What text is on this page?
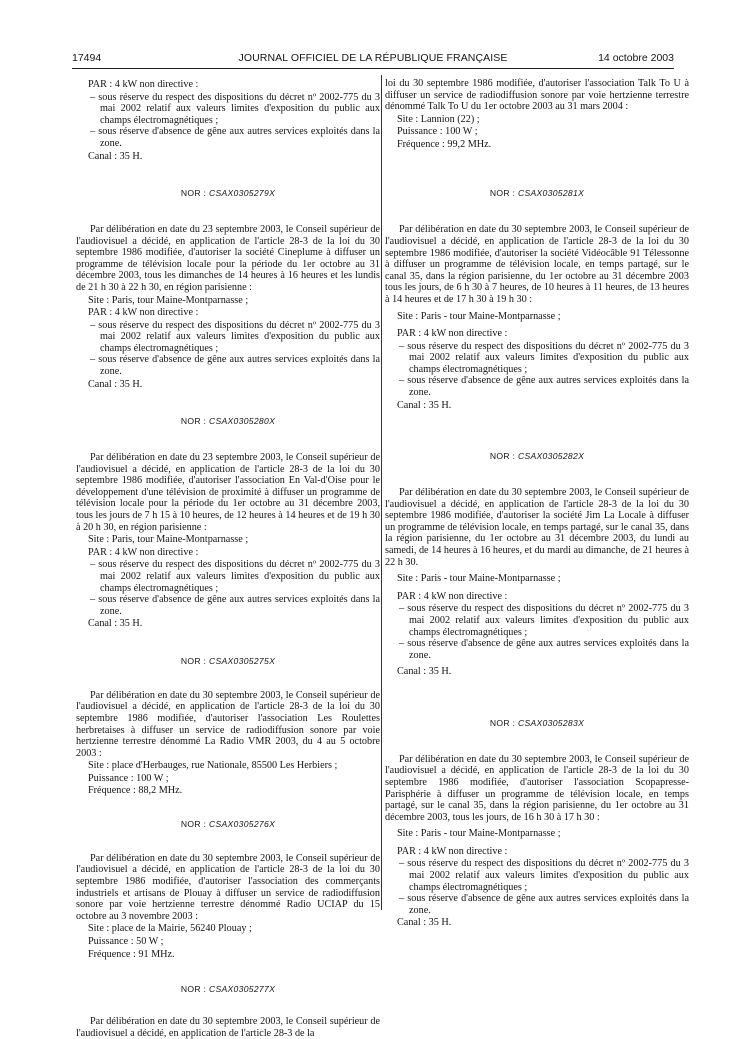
17494	JOURNAL OFFICIEL DE LA RÉPUBLIQUE FRANÇAISE	14 octobre 2003

PAR : 4 kW non directive :

– sous réserve du respect des dispositions du décret nº 2002-775 du 3 mai 2002 relatif aux valeurs limites d'exposition du public aux champs électromagnétiques ;

– sous réserve d'absence de gêne aux autres services exploités dans la zone.

Canal : 35 H.

NOR : CSAX0305279X

Par délibération en date du 23 septembre 2003, le Conseil supérieur de l'audiovisuel a décidé, en application de l'article 28-3 de la loi du 30 septembre 1986 modifiée, d'autoriser la société Cineplume à diffuser un programme de télévision locale pour la période du 1er octobre au 31 décembre 2003, tous les dimanches de 14 heures à 16 heures et les lundis de 21 h 30 à 22 h 30, en région parisienne :

Site : Paris, tour Maine-Montparnasse ;

PAR : 4 kW non directive :

– sous réserve du respect des dispositions du décret nº 2002-775 du 3 mai 2002 relatif aux valeurs limites d'exposition du public aux champs électromagnétiques ;

– sous réserve d'absence de gêne aux autres services exploités dans la zone.

Canal : 35 H.

NOR : CSAX0305280X

Par délibération en date du 23 septembre 2003, le Conseil supérieur de l'audiovisuel a décidé, en application de l'article 28-3 de la loi du 30 septembre 1986 modifiée, d'autoriser l'association En Val-d'Oise pour le développement d'une télévision de proximité à diffuser un programme de télévision locale pour la période du 1er octobre au 31 décembre 2003, tous les jours de 7 h 15 à 10 heures, de 12 heures à 14 heures et de 19 h 30 à 20 h 30, en région parisienne :

Site : Paris, tour Maine-Montparnasse ;

PAR : 4 kW non directive :

– sous réserve du respect des dispositions du décret nº 2002-775 du 3 mai 2002 relatif aux valeurs limites d'exposition du public aux champs électromagnétiques ;

– sous réserve d'absence de gêne aux autres services exploités dans la zone.

Canal : 35 H.

NOR : CSAX0305275X

Par délibération en date du 30 septembre 2003, le Conseil supérieur de l'audiovisuel a décidé, en application de l'article 28-3 de la loi du 30 septembre 1986 modifiée, d'autoriser l'association Les Roulettes herbretaises à diffuser un service de radiodiffusion sonore par voie hertzienne terrestre dénommé La Radio VMR 2003, du 4 au 5 octobre 2003 :

Site : place d'Herbauges, rue Nationale, 85500 Les Herbiers ;

Puissance : 100 W ;

Fréquence : 88,2 MHz.

NOR : CSAX0305276X

Par délibération en date du 30 septembre 2003, le Conseil supérieur de l'audiovisuel a décidé, en application de l'article 28-3 de la loi du 30 septembre 1986 modifiée, d'autoriser l'association des commerçants industriels et artisans de Plouay à diffuser un service de radiodiffusion sonore par voie hertzienne terrestre dénommé Radio UCIAP du 15 octobre au 3 novembre 2003 :

Site : place de la Mairie, 56240 Plouay ;

Puissance : 50 W ;

Fréquence : 91 MHz.

NOR : CSAX0305277X

Par délibération en date du 30 septembre 2003, le Conseil supérieur de l'audiovisuel a décidé, en application de l'article 28-3 de la

loi du 30 septembre 1986 modifiée, d'autoriser l'association Talk To U à diffuser un service de radiodiffusion sonore par voie hertzienne terrestre dénommé Talk To U du 1er octobre 2003 au 31 mars 2004 :

Site : Lannion (22) ;

Puissance : 100 W ;

Fréquence : 99,2 MHz.

NOR : CSAX0305281X

Par délibération en date du 30 septembre 2003, le Conseil supérieur de l'audiovisuel a décidé, en application de l'article 28-3 de la loi du 30 septembre 1986 modifiée, d'autoriser la société Vidéocâble 91 Télessonne à diffuser un programme de télévision locale, en temps partagé, sur le canal 35, dans la région parisienne, du 1er octobre au 31 décembre 2003 tous les jours, de 6 h 30 à 7 heures, de 10 heures à 11 heures, de 13 heures à 14 heures et de 17 h 30 à 19 h 30 :

Site : Paris - tour Maine-Montparnasse ;

PAR : 4 kW non directive :

– sous réserve du respect des dispositions du décret nº 2002-775 du 3 mai 2002 relatif aux valeurs limites d'exposition du public aux champs électromagnétiques ;

– sous réserve d'absence de gêne aux autres services exploités dans la zone.

Canal : 35 H.

NOR : CSAX0305282X

Par délibération en date du 30 septembre 2003, le Conseil supérieur de l'audiovisuel a décidé, en application de l'article 28-3 de la loi du 30 septembre 1986 modifiée, d'autoriser la société Jim La Locale à diffuser un programme de télévision locale, en temps partagé, sur le canal 35, dans la région parisienne, du 1er octobre au 31 décembre 2003, du lundi au samedi, de 14 heures à 16 heures, et du mardi au dimanche, de 21 heures à 22 h 30.

Site : Paris - tour Maine-Montparnasse ;

PAR : 4 kW non directive :

– sous réserve du respect des dispositions du décret nº 2002-775 du 3 mai 2002 relatif aux valeurs limites d'exposition du public aux champs électromagnétiques ;

– sous réserve d'absence de gêne aux autres services exploités dans la zone.

Canal : 35 H.

NOR : CSAX0305283X

Par délibération en date du 30 septembre 2003, le Conseil supérieur de l'audiovisuel a décidé, en application de l'article 28-3 de la loi du 30 septembre 1986 modifiée, d'autoriser l'association Scopapresse-Parisphérie à diffuser un programme de télévision locale, en temps partagé, sur le canal 35, dans la région parisienne, du 1er octobre au 31 décembre 2003, tous les jours, de 16 h 30 à 17 h 30 :

Site : Paris - tour Maine-Montparnasse ;

PAR : 4 kW non directive :

– sous réserve du respect des dispositions du décret nº 2002-775 du 3 mai 2002 relatif aux valeurs limites d'exposition du public aux champs électromagnétiques ;

– sous réserve d'absence de gêne aux autres services exploités dans la zone.

Canal : 35 H.
